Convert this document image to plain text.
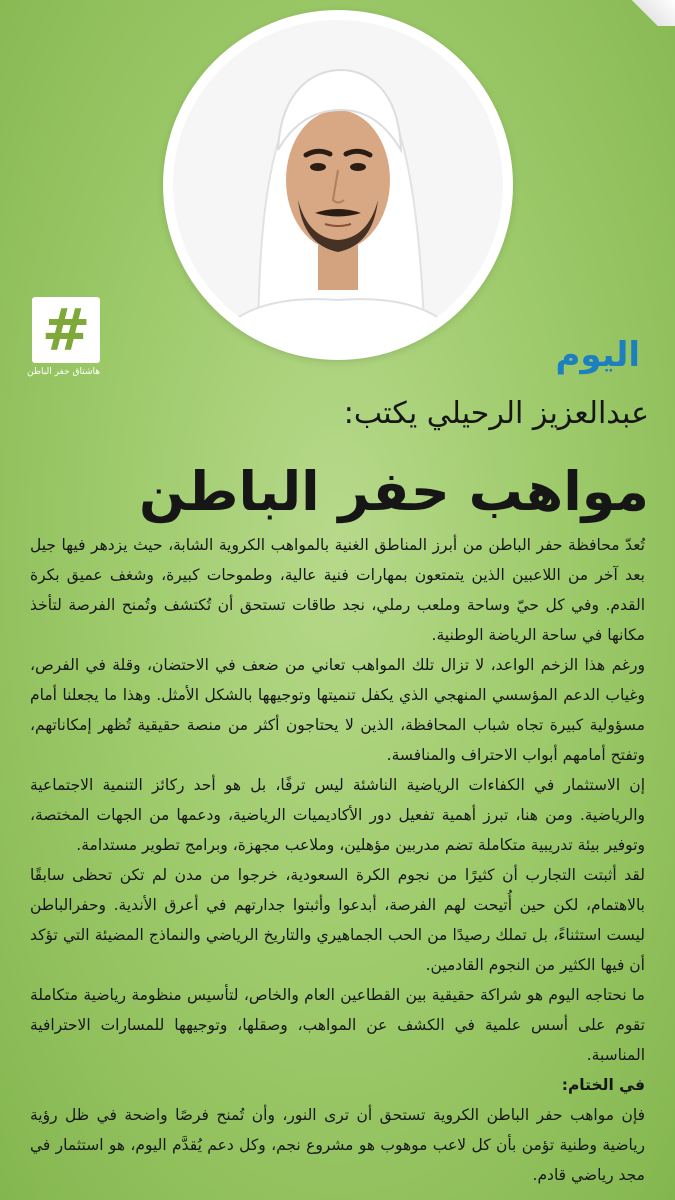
#
هاشتاق حفر الباطن	اليوم
عبدالعزيز الرحيلي يكتب:
مواهب حفر الباطن

تُعدّ محافظة حفر الباطن من أبرز المناطق الغنية بالمواهب الكروية الشابة، حيث يزدهر فيها جيل بعد آخر من اللاعبين الذين يتمتعون بمهارات فنية عالية، وطموحات كبيرة، وشغف عميق بكرة القدم. وفي كل حيّ وساحة وملعب رملي، نجد طاقات تستحق أن تُكتشف وتُمنح الفرصة لتأخذ مكانها في ساحة الرياضة الوطنية.

ورغم هذا الزخم الواعد، لا تزال تلك المواهب تعاني من ضعف في الاحتضان، وقلة في الفرص، وغياب الدعم المؤسسي المنهجي الذي يكفل تنميتها وتوجيهها بالشكل الأمثل. وهذا ما يجعلنا أمام مسؤولية كبيرة تجاه شباب المحافظة، الذين لا يحتاجون أكثر من منصة حقيقية تُظهر إمكاناتهم، وتفتح أمامهم أبواب الاحتراف والمنافسة.

إن الاستثمار في الكفاءات الرياضية الناشئة ليس ترفًا، بل هو أحد ركائز التنمية الاجتماعية والرياضية. ومن هنا، تبرز أهمية تفعيل دور الأكاديميات الرياضية، ودعمها من الجهات المختصة، وتوفير بيئة تدريبية متكاملة تضم مدربين مؤهلين، وملاعب مجهزة، وبرامج تطوير مستدامة.

لقد أثبتت التجارب أن كثيرًا من نجوم الكرة السعودية، خرجوا من مدن لم تكن تحظى سابقًا بالاهتمام، لكن حين أُتيحت لهم الفرصة، أبدعوا وأثبتوا جدارتهم في أعرق الأندية. وحفرالباطن ليست استثناءً، بل تملك رصيدًا من الحب الجماهيري والتاريخ الرياضي والنماذج المضيئة التي تؤكد أن فيها الكثير من النجوم القادمين.

ما نحتاجه اليوم هو شراكة حقيقية بين القطاعين العام والخاص، لتأسيس منظومة رياضية متكاملة تقوم على أسس علمية في الكشف عن المواهب، وصقلها، وتوجيهها للمسارات الاحترافية المناسبة.

في الختام:

فإن مواهب حفر الباطن الكروية تستحق أن ترى النور، وأن تُمنح فرصًا واضحة في ظل رؤية رياضية وطنية تؤمن بأن كل لاعب موهوب هو مشروع نجم، وكل دعم يُقدَّم اليوم، هو استثمار في مجد رياضي قادم.
